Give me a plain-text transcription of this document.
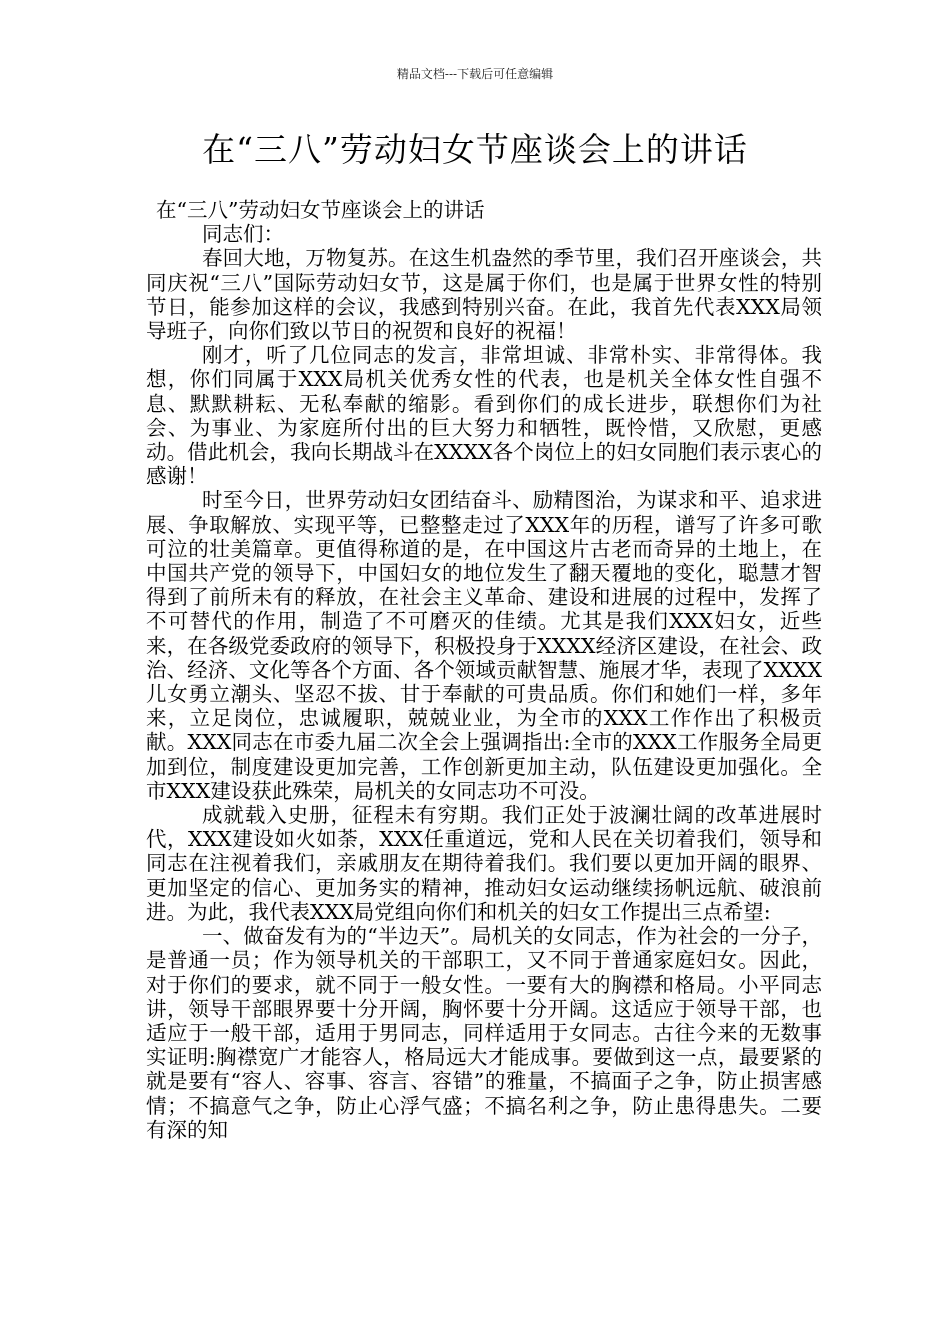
精品文档---下载后可任意编辑
在“三八”劳动妇女节座谈会上的讲话

在“三八”劳动妇女节座谈会上的讲话

同志们：

春回大地，万物复苏。在这生机盎然的季节里，我们召开座谈会，共同庆祝“三八”国际劳动妇女节，这是属于你们，也是属于世界女性的特别节日，能参加这样的会议，我感到特别兴奋。在此，我首先代表XXX局领导班子，向你们致以节日的祝贺和良好的祝福！

刚才，听了几位同志的发言，非常坦诚、非常朴实、非常得体。我想，你们同属于XXX局机关优秀女性的代表，也是机关全体女性自强不息、默默耕耘、无私奉献的缩影。看到你们的成长进步，联想你们为社会、为事业、为家庭所付出的巨大努力和牺牲，既怜惜，又欣慰，更感动。借此机会，我向长期战斗在XXXX各个岗位上的妇女同胞们表示衷心的感谢！

时至今日，世界劳动妇女团结奋斗、励精图治，为谋求和平、追求进展、争取解放、实现平等，已整整走过了XXX年的历程，谱写了许多可歌可泣的壮美篇章。更值得称道的是，在中国这片古老而奇异的土地上，在中国共产党的领导下，中国妇女的地位发生了翻天覆地的变化，聪慧才智得到了前所未有的释放，在社会主义革命、建设和进展的过程中，发挥了不可替代的作用，制造了不可磨灭的佳绩。尤其是我们XXX妇女，近些来，在各级党委政府的领导下，积极投身于XXXX经济区建设，在社会、政治、经济、文化等各个方面、各个领域贡献智慧、施展才华，表现了XXXX儿女勇立潮头、坚忍不拔、甘于奉献的可贵品质。你们和她们一样，多年来，立足岗位，忠诚履职，兢兢业业，为全市的XXX工作作出了积极贡献。XXX同志在市委九届二次全会上强调指出:全市的XXX工作服务全局更加到位，制度建设更加完善，工作创新更加主动，队伍建设更加强化。全市XXX建设获此殊荣，局机关的女同志功不可没。

成就载入史册，征程未有穷期。我们正处于波澜壮阔的改革进展时代，XXX建设如火如荼，XXX任重道远，党和人民在关切着我们，领导和同志在注视着我们，亲戚朋友在期待着我们。我们要以更加开阔的眼界、更加坚定的信心、更加务实的精神，推动妇女运动继续扬帆远航、破浪前进。为此，我代表XXX局党组向你们和机关的妇女工作提出三点希望:

一、做奋发有为的“半边天”。局机关的女同志，作为社会的一分子，是普通一员；作为领导机关的干部职工，又不同于普通家庭妇女。因此，对于你们的要求，就不同于一般女性。一要有大的胸襟和格局。小平同志讲，领导干部眼界要十分开阔，胸怀要十分开阔。这适应于领导干部，也适应于一般干部，适用于男同志，同样适用于女同志。古往今来的无数事实证明:胸襟宽广才能容人，格局远大才能成事。要做到这一点，最要紧的就是要有“容人、容事、容言、容错”的雅量，不搞面子之争，防止损害感情；不搞意气之争，防止心浮气盛；不搞名利之争，防止患得患失。二要有深的知
